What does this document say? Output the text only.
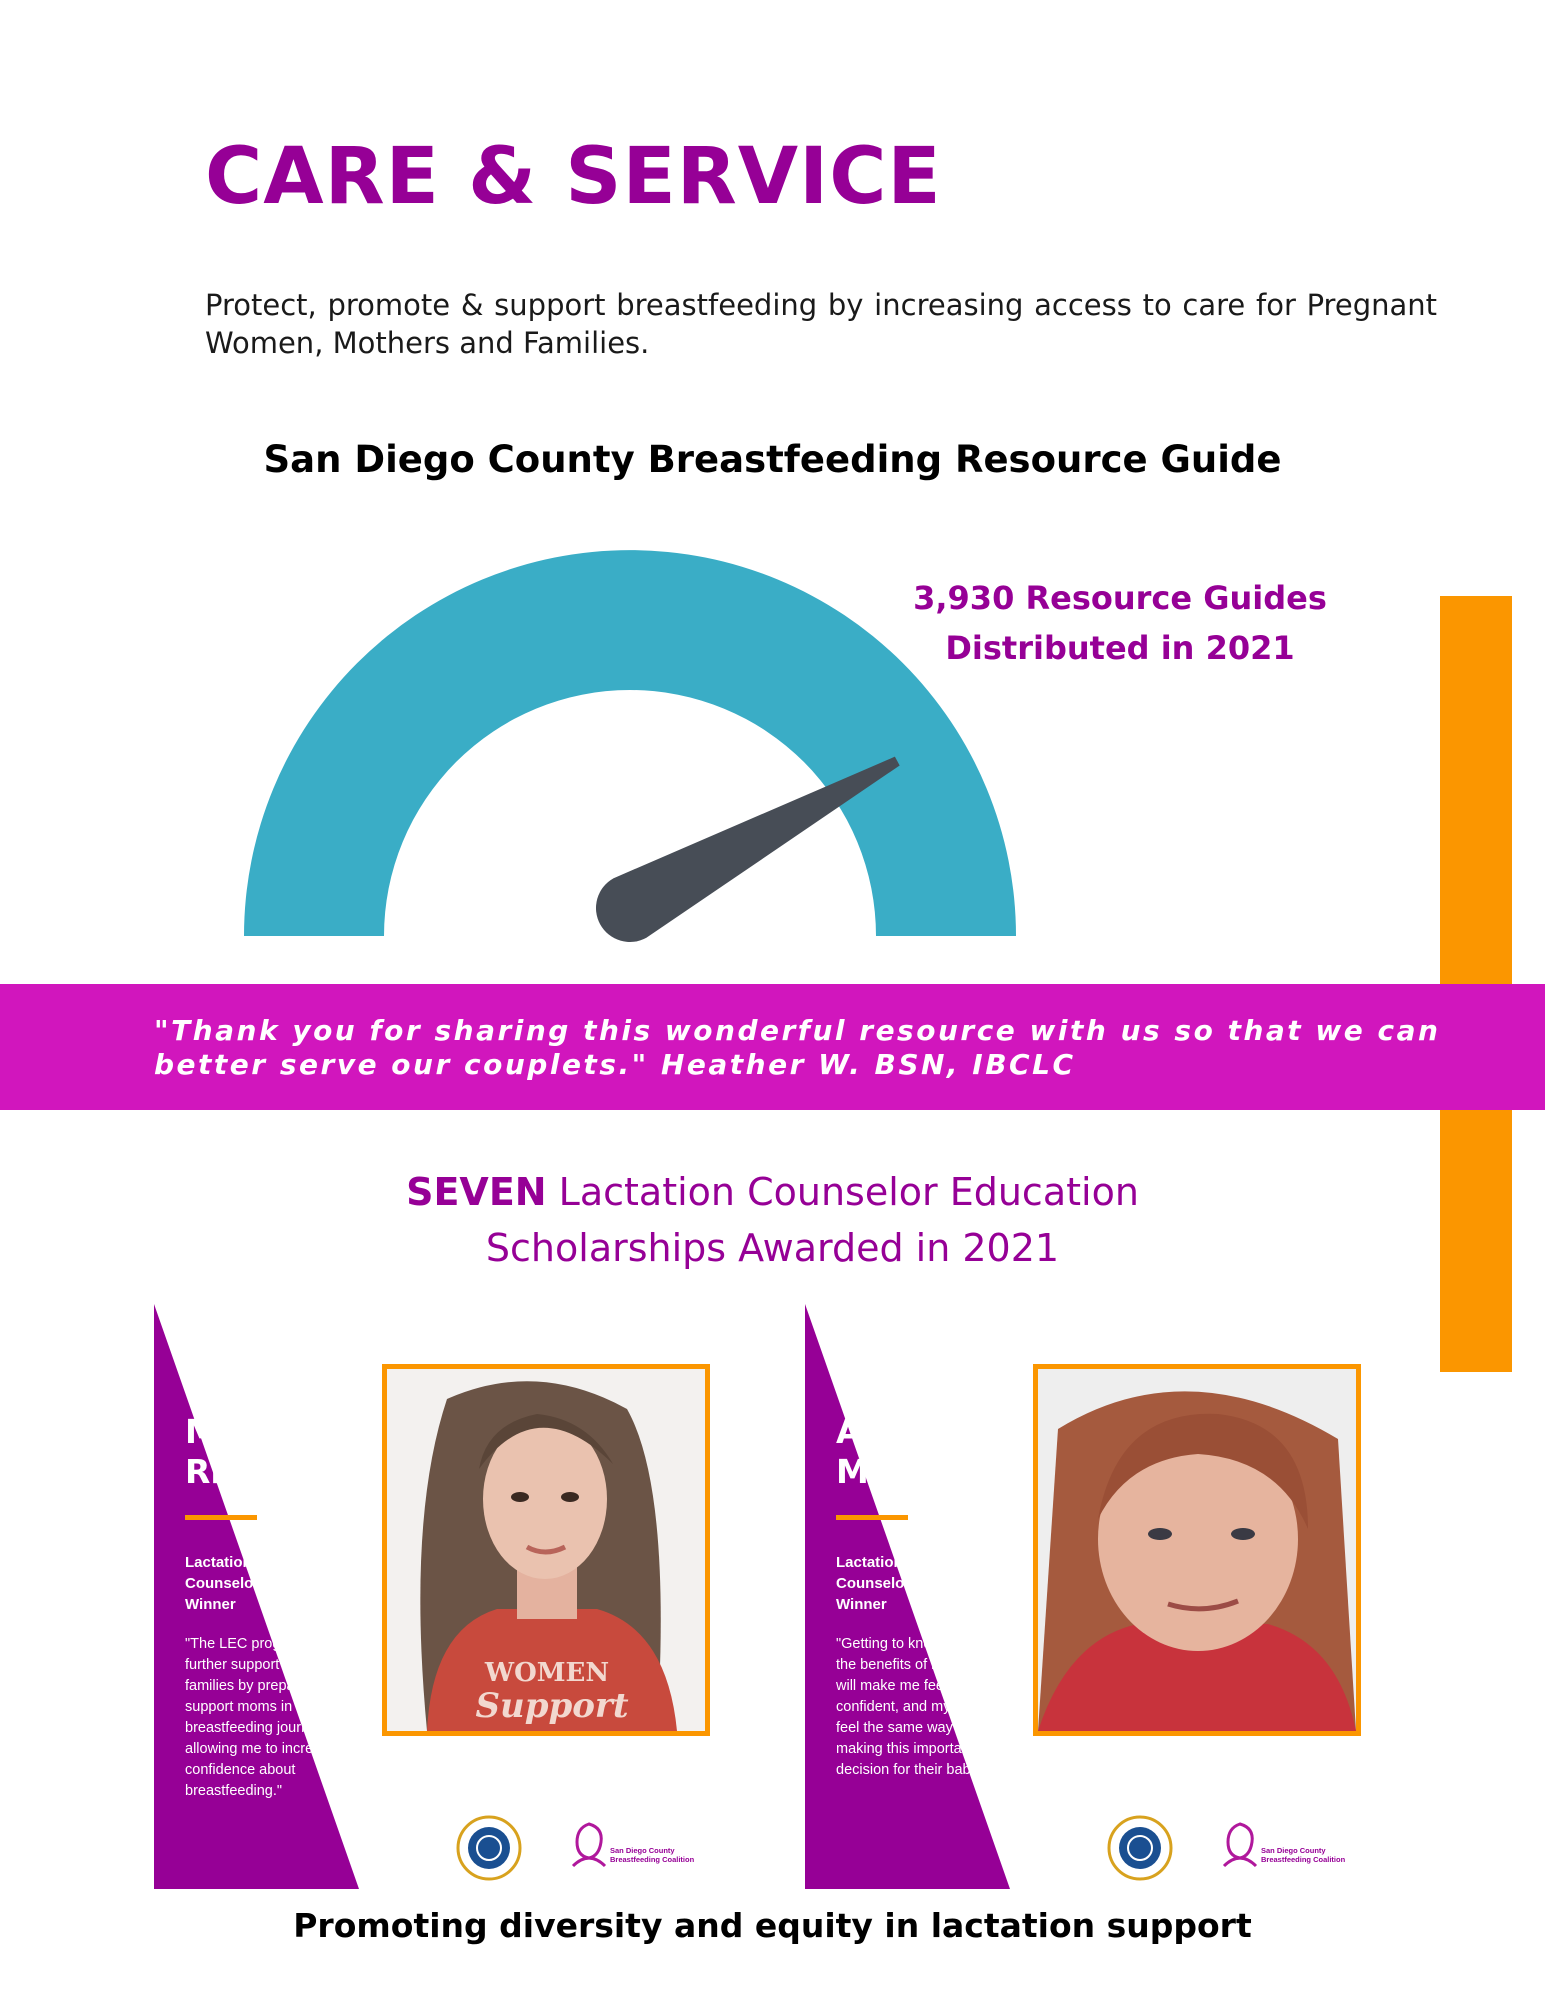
CARE & SERVICE

Protect, promote & support breastfeeding by increasing access to care for Pregnant Women, Mothers and Families.

San Diego County Breastfeeding Resource Guide
3,930 Resource Guides
Distributed in 2021

"Thank you for sharing this wonderful resource with us so that we can better serve our couplets." Heather W. BSN, IBCLC

SEVEN Lactation Counselor Education
Scholarships Awarded in 2021
MEET
Mayra
Rivera
Lactation Education Counselor Scholarship Winner
"The LEC program will further support my work with families by preparing me to support moms in their breastfeeding journey and allowing me to increase their confidence about breastfeeding."
WOMEN
Support
San Diego County Breastfeeding Coalition
MEET
Ana L.
Monreal
Lactation Education Counselor Scholarship Winner
"Getting to know more about the benefits of breastfeeding will make me feel more confident, and my clients will feel the same way too when making this important decision for their babies. "
San Diego County Breastfeeding Coalition
Promoting diversity and equity in lactation support
